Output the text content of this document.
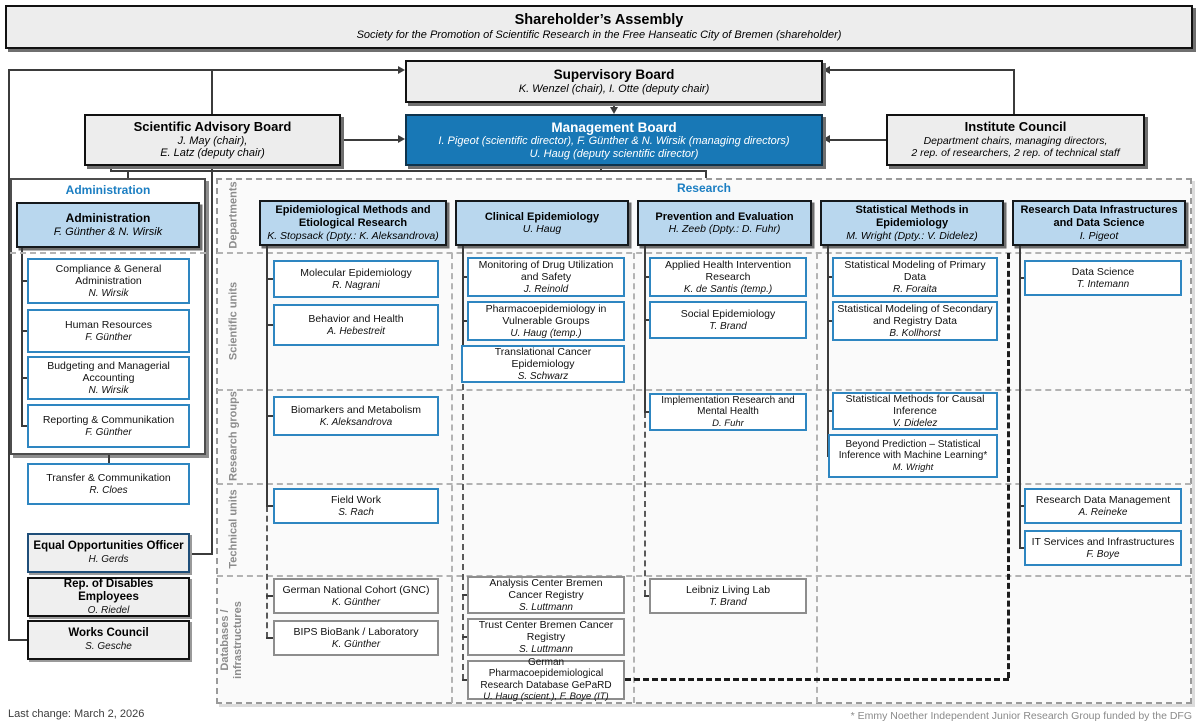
Shareholder’s Assembly
Society for the Promotion of Scientific Research in the Free Hanseatic City of Bremen (shareholder)
Supervisory Board
K. Wenzel (chair), I. Otte (deputy chair)
Scientific Advisory Board
J. May (chair),
E. Latz (deputy chair)
Management Board
I. Pigeot (scientific director), F. Günther & N. Wirsik (managing directors)
U. Haug (deputy scientific director)
Institute Council
Department chairs, managing directors,
2 rep. of researchers, 2 rep. of technical staff
Administration
Administration
F. Günther & N. Wirsik
Compliance & General Administration
N. Wirsik
Human Resources
F. Günther
Budgeting and Managerial Accounting
N. Wirsik
Reporting & Communikation
F. Günther
Transfer & Communikation
R. Cloes
Equal Opportunities Officer
H. Gerds
Rep. of Disables Employees
O. Riedel
Works Council
S. Gesche
Research
Departments
Scientific units
Research groups
Technical units
Databases / infrastructures
Epidemiological Methods and Etiological Research
K. Stopsack (Dpty.: K. Aleksandrova)
Clinical Epidemiology
U. Haug
Prevention and Evaluation
H. Zeeb (Dpty.: D. Fuhr)
Statistical Methods in Epidemiology
M. Wright (Dpty.: V. Didelez)
Research Data Infrastructures and Data Science
I. Pigeot
Molecular Epidemiology
R. Nagrani
Behavior and Health
A. Hebestreit
Biomarkers and Metabolism
K. Aleksandrova
Field Work
S. Rach
German National Cohort (GNC)
K. Günther
BIPS BioBank / Laboratory
K. Günther
Monitoring of Drug Utilization and Safety
J. Reinold
Pharmacoepidemiology in Vulnerable Groups
U. Haug (temp.)
Translational Cancer Epidemiology
S. Schwarz
Analysis Center Bremen Cancer Registry
S. Luttmann
Trust Center Bremen Cancer Registry
S. Luttmann
German Pharmacoepidemiological Research Database GePaRD
U. Haug (scient.), F. Boye (IT)
Applied Health Intervention Research
K. de Santis (temp.)
Social Epidemiology
T. Brand
Implementation Research and Mental Health
D. Fuhr
Leibniz Living Lab
T. Brand
Statistical Modeling of Primary Data
R. Foraita
Statistical Modeling of Secondary and Registry Data
B. Kollhorst
Statistical Methods for Causal Inference
V. Didelez
Beyond Prediction – Statistical Inference with Machine Learning*
M. Wright
Data Science
T. Intemann
Research Data Management
A. Reineke
IT Services and Infrastructures
F. Boye
Last change: March 2, 2026	* Emmy Noether Independent Junior Research Group funded by the DFG
